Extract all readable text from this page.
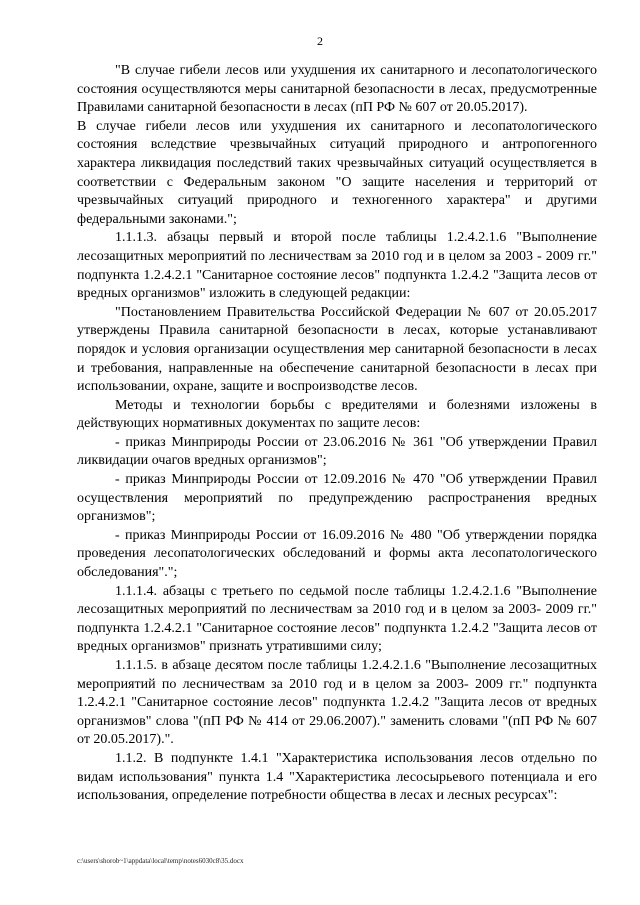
2

"В случае гибели лесов или ухудшения их санитарного и лесопатологического состояния осуществляются меры санитарной безопасности в лесах, предусмотренные Правилами санитарной безопасности в лесах (пП РФ № 607 от 20.05.2017).

В случае гибели лесов или ухудшения их санитарного и лесопатологического состояния вследствие чрезвычайных ситуаций природного и антропогенного характера ликвидация последствий таких чрезвычайных ситуаций осуществляется в соответствии с Федеральным законом "О защите населения и территорий от чрезвычайных ситуаций природного и техногенного характера" и другими федеральными законами.";

1.1.1.3. абзацы первый и второй после таблицы 1.2.4.2.1.6 "Выполнение лесозащитных мероприятий по лесничествам за 2010 год и в целом за 2003 - 2009 гг." подпункта 1.2.4.2.1 "Санитарное состояние лесов" подпункта 1.2.4.2 "Защита лесов от вредных организмов" изложить в следующей редакции:

"Постановлением Правительства Российской Федерации № 607 от 20.05.2017 утверждены Правила санитарной безопасности в лесах, которые устанавливают порядок и условия организации осуществления мер санитарной безопасности в лесах и требования, направленные на обеспечение санитарной безопасности в лесах при использовании, охране, защите и воспроизводстве лесов.

Методы и технологии борьбы с вредителями и болезнями изложены в действующих нормативных документах по защите лесов:

- приказ Минприроды России от 23.06.2016 № 361 "Об утверждении Правил ликвидации очагов вредных организмов";

- приказ Минприроды России от 12.09.2016 № 470 "Об утверждении Правил осуществления мероприятий по предупреждению распространения вредных организмов";

- приказ Минприроды России от 16.09.2016 № 480 "Об утверждении порядка проведения лесопатологических обследований и формы акта лесопатологического обследования".";

1.1.1.4. абзацы с третьего по седьмой после таблицы 1.2.4.2.1.6 "Выполнение лесозащитных мероприятий по лесничествам за 2010 год и в целом за 2003- 2009 гг." подпункта 1.2.4.2.1 "Санитарное состояние лесов" подпункта 1.2.4.2 "Защита лесов от вредных организмов" признать утратившими силу;

1.1.1.5. в абзаце десятом после таблицы 1.2.4.2.1.6 "Выполнение лесозащитных мероприятий по лесничествам за 2010 год и в целом за 2003- 2009 гг." подпункта 1.2.4.2.1 "Санитарное состояние лесов" подпункта 1.2.4.2 "Защита лесов от вредных организмов" слова "(пП РФ № 414 от 29.06.2007)." заменить словами "(пП РФ № 607 от 20.05.2017).".

1.1.2. В подпункте 1.4.1 "Характеристика использования лесов отдельно по видам использования" пункта 1.4 "Характеристика лесосырьевого потенциала и его использования, определение потребности общества в лесах и лесных ресурсах":

c:\users\shorob~1\appdata\local\temp\notes6030c8\35.docx
